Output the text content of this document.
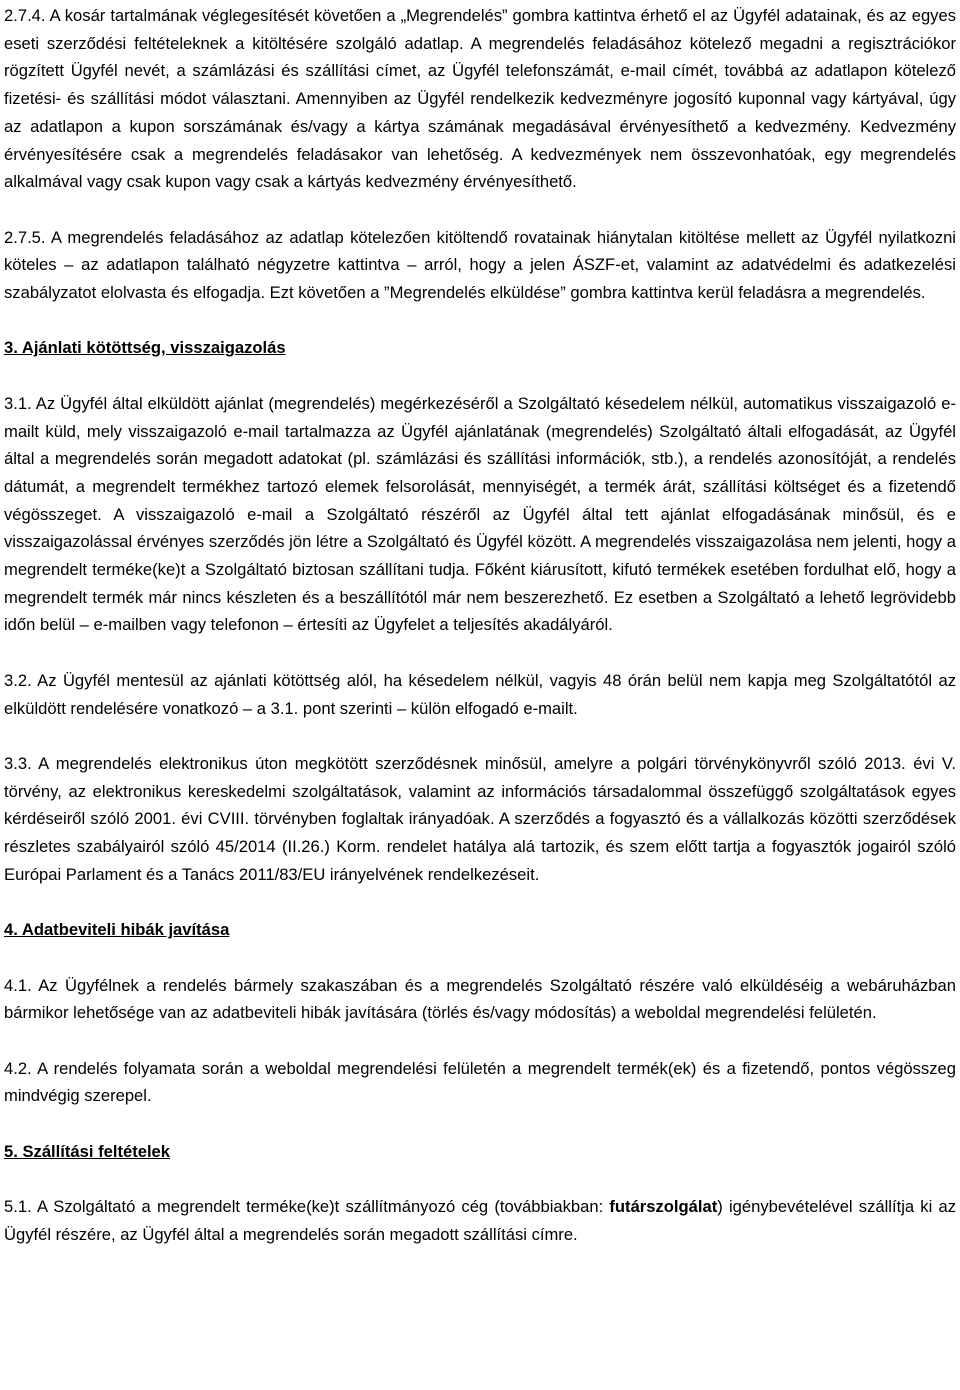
2.7.4. A kosár tartalmának véglegesítését követően a „Megrendelés” gombra kattintva érhető el az Ügyfél adatainak, és az egyes eseti szerződési feltételeknek a kitöltésére szolgáló adatlap. A megrendelés feladásához kötelező megadni a regisztrációkor rögzített Ügyfél nevét, a számlázási és szállítási címet, az Ügyfél telefonszámát, e-mail címét, továbbá az adatlapon kötelező fizetési- és szállítási módot választani. Amennyiben az Ügyfél rendelkezik kedvezményre jogosító kuponnal vagy kártyával, úgy az adatlapon a kupon sorszámának és/vagy a kártya számának megadásával érvényesíthető a kedvezmény. Kedvezmény érvényesítésére csak a megrendelés feladásakor van lehetőség. A kedvezmények nem összevonhatóak, egy megrendelés alkalmával vagy csak kupon vagy csak a kártyás kedvezmény érvényesíthető.

2.7.5. A megrendelés feladásához az adatlap kötelezően kitöltendő rovatainak hiánytalan kitöltése mellett az Ügyfél nyilatkozni köteles – az adatlapon található négyzetre kattintva – arról, hogy a jelen ÁSZF-et, valamint az adatvédelmi és adatkezelési szabályzatot elolvasta és elfogadja. Ezt követően a ”Megrendelés elküldése” gombra kattintva kerül feladásra a megrendelés.

3. Ajánlati kötöttség, visszaigazolás

3.1. Az Ügyfél által elküldött ajánlat (megrendelés) megérkezéséről a Szolgáltató késedelem nélkül, automatikus visszaigazoló e-mailt küld, mely visszaigazoló e-mail tartalmazza az Ügyfél ajánlatának (megrendelés) Szolgáltató általi elfogadását, az Ügyfél által a megrendelés során megadott adatokat (pl. számlázási és szállítási információk, stb.), a rendelés azonosítóját, a rendelés dátumát, a megrendelt termékhez tartozó elemek felsorolását, mennyiségét, a termék árát, szállítási költséget és a fizetendő végösszeget. A visszaigazoló e-mail a Szolgáltató részéről az Ügyfél által tett ajánlat elfogadásának minősül, és e visszaigazolással érvényes szerződés jön létre a Szolgáltató és Ügyfél között. A megrendelés visszaigazolása nem jelenti, hogy a megrendelt terméke(ke)t a Szolgáltató biztosan szállítani tudja. Főként kiárusított, kifutó termékek esetében fordulhat elő, hogy a megrendelt termék már nincs készleten és a beszállítótól már nem beszerezhető. Ez esetben a Szolgáltató a lehető legrövidebb időn belül – e-mailben vagy telefonon – értesíti az Ügyfelet a teljesítés akadályáról.

3.2. Az Ügyfél mentesül az ajánlati kötöttség alól, ha késedelem nélkül, vagyis 48 órán belül nem kapja meg Szolgáltatótól az elküldött rendelésére vonatkozó – a 3.1. pont szerinti – külön elfogadó e-mailt.

3.3. A megrendelés elektronikus úton megkötött szerződésnek minősül, amelyre a polgári törvénykönyvről szóló 2013. évi V. törvény, az elektronikus kereskedelmi szolgáltatások, valamint az információs társadalommal összefüggő szolgáltatások egyes kérdéseiről szóló 2001. évi CVIII. törvényben foglaltak irányadóak. A szerződés a fogyasztó és a vállalkozás közötti szerződések részletes szabályairól szóló 45/2014 (II.26.) Korm. rendelet hatálya alá tartozik, és szem előtt tartja a fogyasztók jogairól szóló Európai Parlament és a Tanács 2011/83/EU irányelvének rendelkezéseit.

4. Adatbeviteli hibák javítása

4.1. Az Ügyfélnek a rendelés bármely szakaszában és a megrendelés Szolgáltató részére való elküldéséig a webáruházban bármikor lehetősége van az adatbeviteli hibák javítására (törlés és/vagy módosítás) a weboldal megrendelési felületén.

4.2. A rendelés folyamata során a weboldal megrendelési felületén a megrendelt termék(ek) és a fizetendő, pontos végösszeg mindvégig szerepel.

5. Szállítási feltételek

5.1. A Szolgáltató a megrendelt terméke(ke)t szállítmányozó cég (továbbiakban: futárszolgálat) igénybevételével szállítja ki az Ügyfél részére, az Ügyfél által a megrendelés során megadott szállítási címre.
